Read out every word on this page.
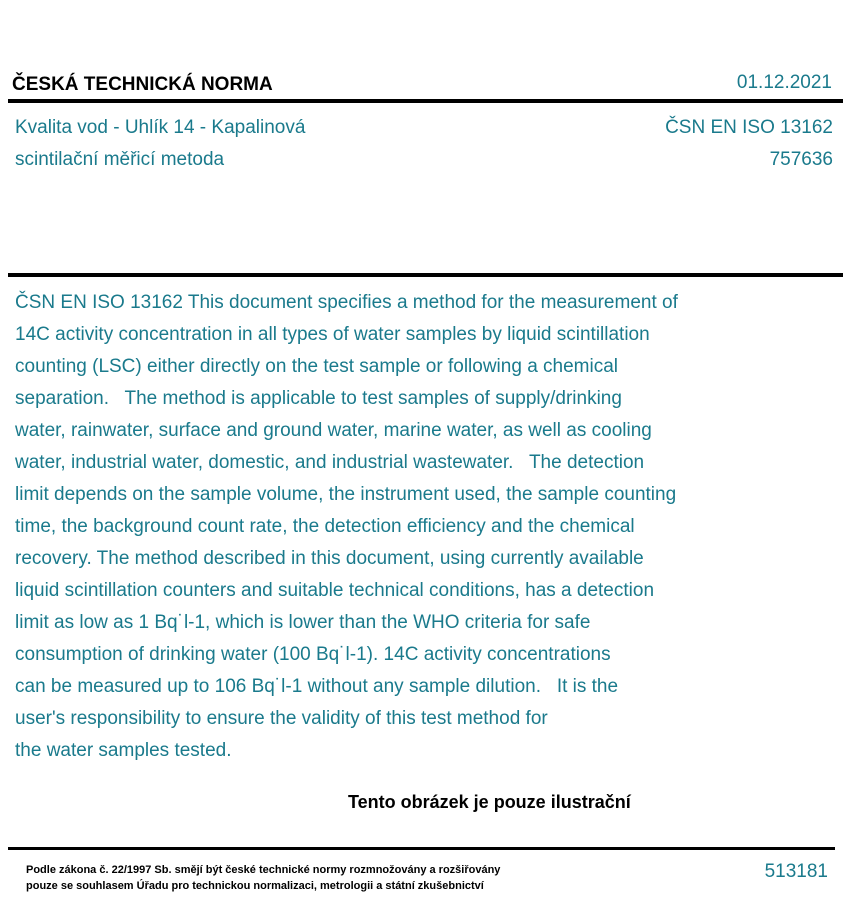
ČESKÁ TECHNICKÁ NORMA	01.12.2021
Kvalita vod - Uhlík 14 - Kapalinová
scintilační měřicí metoda
ČSN EN ISO 13162
757636
ČSN EN ISO 13162 This document specifies a method for the measurement of
14C activity concentration in all types of water samples by liquid scintillation
counting (LSC) either directly on the test sample or following a chemical
separation.   The method is applicable to test samples of supply/drinking
water, rainwater, surface and ground water, marine water, as well as cooling
water, industrial water, domestic, and industrial wastewater.   The detection
limit depends on the sample volume, the instrument used, the sample counting
time, the background count rate, the detection efficiency and the chemical
recovery. The method described in this document, using currently available
liquid scintillation counters and suitable technical conditions, has a detection
limit as low as 1 Bq˙l-1, which is lower than the WHO criteria for safe
consumption of drinking water (100 Bq˙l-1). 14C activity concentrations
can be measured up to 106 Bq˙l-1 without any sample dilution.   It is the
user's responsibility to ensure the validity of this test method for
the water samples tested.
Tento obrázek je pouze ilustrační
Podle zákona č. 22/1997 Sb. smějí být české technické normy rozmnožovány a rozšiřovány
pouze se souhlasem Úřadu pro technickou normalizaci, metrologii a státní zkušebnictví
513181
